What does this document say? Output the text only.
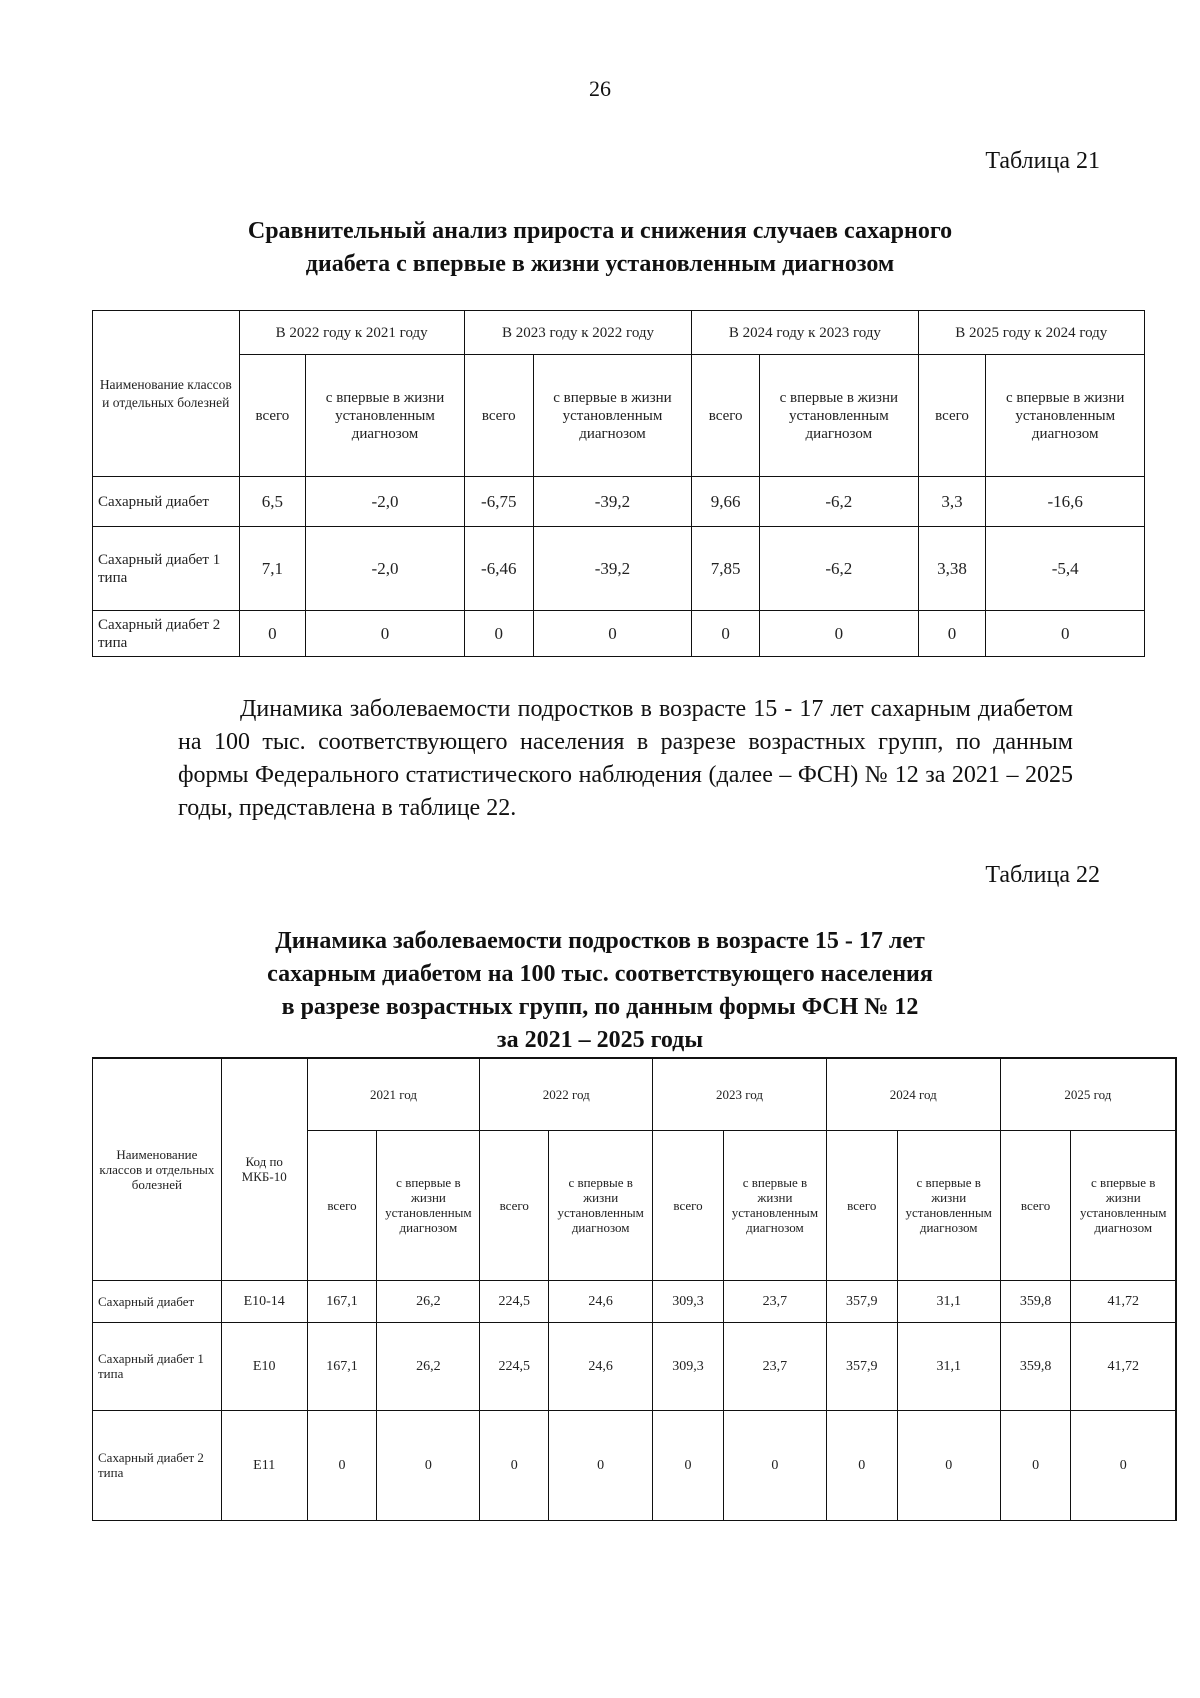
26
Таблица 21
Сравнительный анализ прироста и снижения случаев сахарного
диабета с впервые в жизни установленным диагнозом
Наименование классов и отдельных болезней	В 2022 году к 2021 году		В 2023 году к 2022 году		В 2024 году к 2023 году		В 2025 году к 2024 году	
	всего	с впервые в жизни установленным диагнозом	всего	с впервые в жизни установленным диагнозом	всего	с впервые в жизни установленным диагнозом	всего	с впервые в жизни установленным диагнозом
Сахарный диабет	6,5	-2,0	-6,75	-39,2	9,66	-6,2	3,3	-16,6
Сахарный диабет 1 типа	7,1	-2,0	-6,46	-39,2	7,85	-6,2	3,38	-5,4
Сахарный диабет 2 типа	0	0	0	0	0	0	0	0
Динамика заболеваемости подростков в возрасте 15 - 17 лет сахарным диабетом на 100 тыс. соответствующего населения в разрезе возрастных групп, по данным формы Федерального статистического наблюдения (далее – ФСН) № 12 за 2021 – 2025 годы, представлена в таблице 22.
Таблица 22
Динамика заболеваемости подростков в возрасте 15 - 17 лет
сахарным диабетом на 100 тыс. соответствующего населения
в разрезе возрастных групп, по данным формы ФСН № 12
за 2021 – 2025 годы
Наименование классов и отдельных болезней	Код по МКБ-10	2021 год		2022 год		2023 год		2024 год		2025 год	
		всего	с впервые в жизни установленным диагнозом	всего	с впервые в жизни установленным диагнозом	всего	с впервые в жизни установленным диагнозом	всего	с впервые в жизни установленным диагнозом	всего	с впервые в жизни установленным диагнозом
Сахарный диабет	E10-14	167,1	26,2	224,5	24,6	309,3	23,7	357,9	31,1	359,8	41,72
Сахарный диабет 1 типа	E10	167,1	26,2	224,5	24,6	309,3	23,7	357,9	31,1	359,8	41,72
Сахарный диабет 2 типа	E11	0	0	0	0	0	0	0	0	0	0
